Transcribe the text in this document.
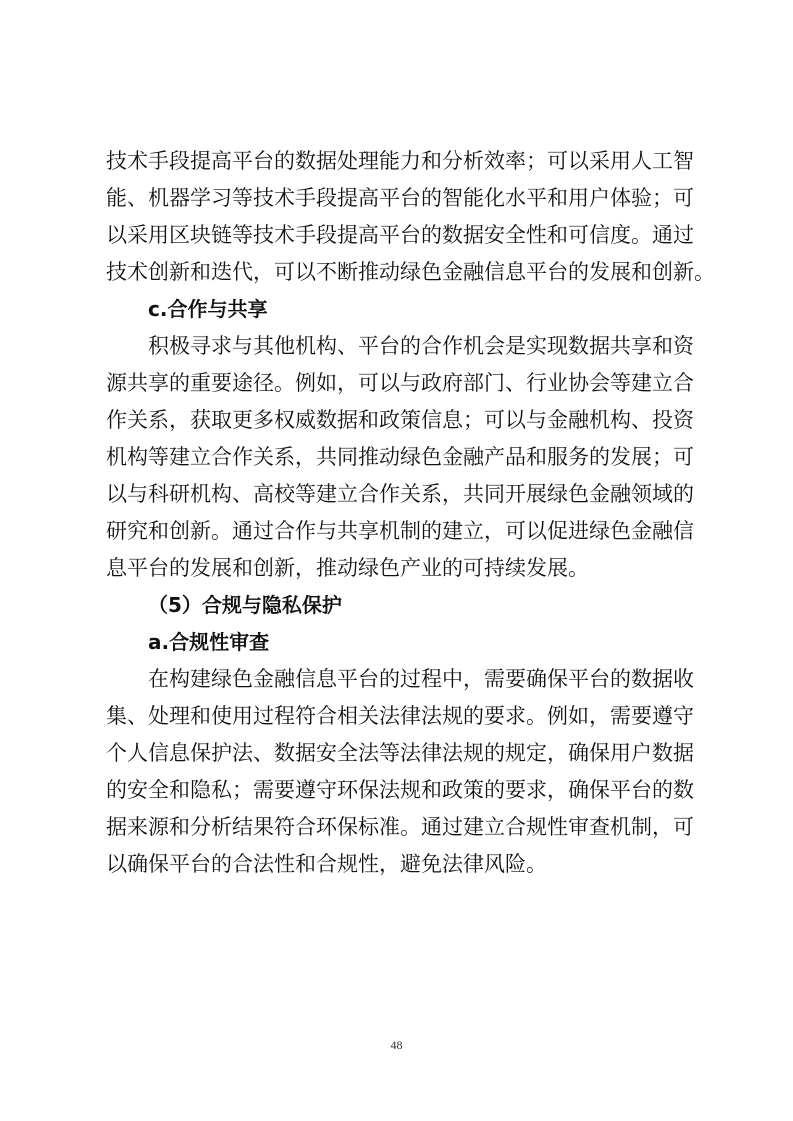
技术手段提高平台的数据处理能力和分析效率；可以采用人工智
能、机器学习等技术手段提高平台的智能化水平和用户体验；可
以采用区块链等技术手段提高平台的数据安全性和可信度。通过
技术创新和迭代，可以不断推动绿色金融信息平台的发展和创新。
c.合作与共享
积极寻求与其他机构、平台的合作机会是实现数据共享和资
源共享的重要途径。例如，可以与政府部门、行业协会等建立合
作关系，获取更多权威数据和政策信息；可以与金融机构、投资
机构等建立合作关系，共同推动绿色金融产品和服务的发展；可
以与科研机构、高校等建立合作关系，共同开展绿色金融领域的
研究和创新。通过合作与共享机制的建立，可以促进绿色金融信
息平台的发展和创新，推动绿色产业的可持续发展。
（5）合规与隐私保护
a.合规性审查
在构建绿色金融信息平台的过程中，需要确保平台的数据收
集、处理和使用过程符合相关法律法规的要求。例如，需要遵守
个人信息保护法、数据安全法等法律法规的规定，确保用户数据
的安全和隐私；需要遵守环保法规和政策的要求，确保平台的数
据来源和分析结果符合环保标准。通过建立合规性审查机制，可
以确保平台的合法性和合规性，避免法律风险。
48
